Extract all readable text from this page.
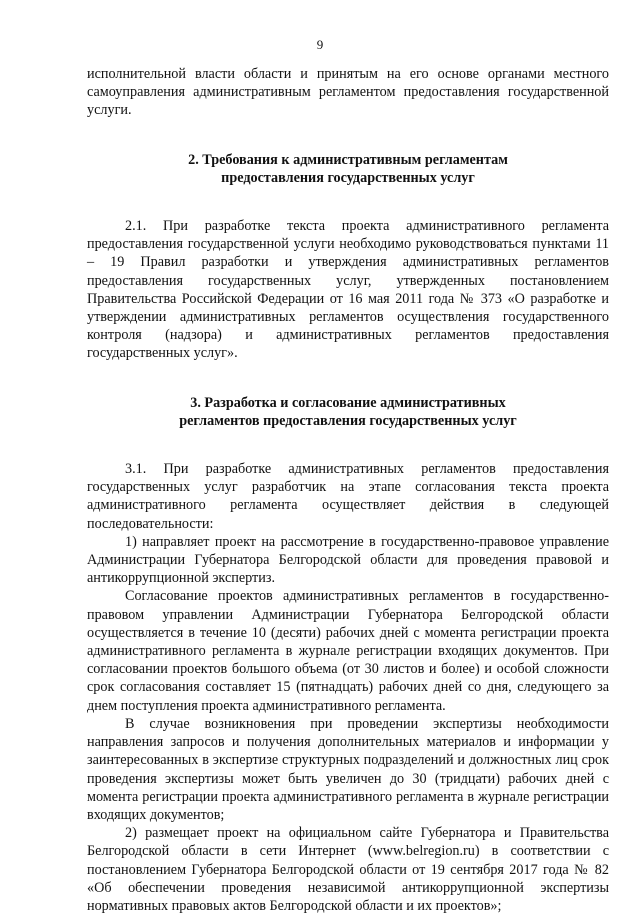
9

исполнительной власти области и принятым на его основе органами местного самоуправления административным регламентом предоставления государственной услуги.

2. Требования к административным регламентам
предоставления государственных услуг

2.1. При разработке текста проекта административного регламента предоставления государственной услуги необходимо руководствоваться пунктами 11 – 19 Правил разработки и утверждения административных регламентов предоставления государственных услуг, утвержденных постановлением Правительства Российской Федерации от 16 мая 2011 года № 373 «О разработке и утверждении административных регламентов осуществления государственного контроля (надзора) и административных регламентов предоставления государственных услуг».

3. Разработка и согласование административных
регламентов предоставления государственных услуг

3.1. При разработке административных регламентов предоставления государственных услуг разработчик на этапе согласования текста проекта административного регламента осуществляет действия в следующей последовательности:

1) направляет проект на рассмотрение в государственно-правовое управление Администрации Губернатора Белгородской области для проведения правовой и антикоррупционной экспертиз.

Согласование проектов административных регламентов в государственно-правовом управлении Администрации Губернатора Белгородской области осуществляется в течение 10 (десяти) рабочих дней с момента регистрации проекта административного регламента в журнале регистрации входящих документов. При согласовании проектов большого объема (от 30 листов и более) и особой сложности срок согласования составляет 15 (пятнадцать) рабочих дней со дня, следующего за днем поступления проекта административного регламента.

В случае возникновения при проведении экспертизы необходимости направления запросов и получения дополнительных материалов и информации у заинтересованных в экспертизе структурных подразделений и должностных лиц срок проведения экспертизы может быть увеличен до 30 (тридцати) рабочих дней с момента регистрации проекта административного регламента в журнале регистрации входящих документов;

2) размещает проект на официальном сайте Губернатора и Правительства Белгородской области в сети Интернет (www.belregion.ru) в соответствии с постановлением Губернатора Белгородской области от 19 сентября 2017 года № 82 «Об обеспечении проведения независимой антикоррупционной экспертизы нормативных правовых актов Белгородской области и их проектов»;
